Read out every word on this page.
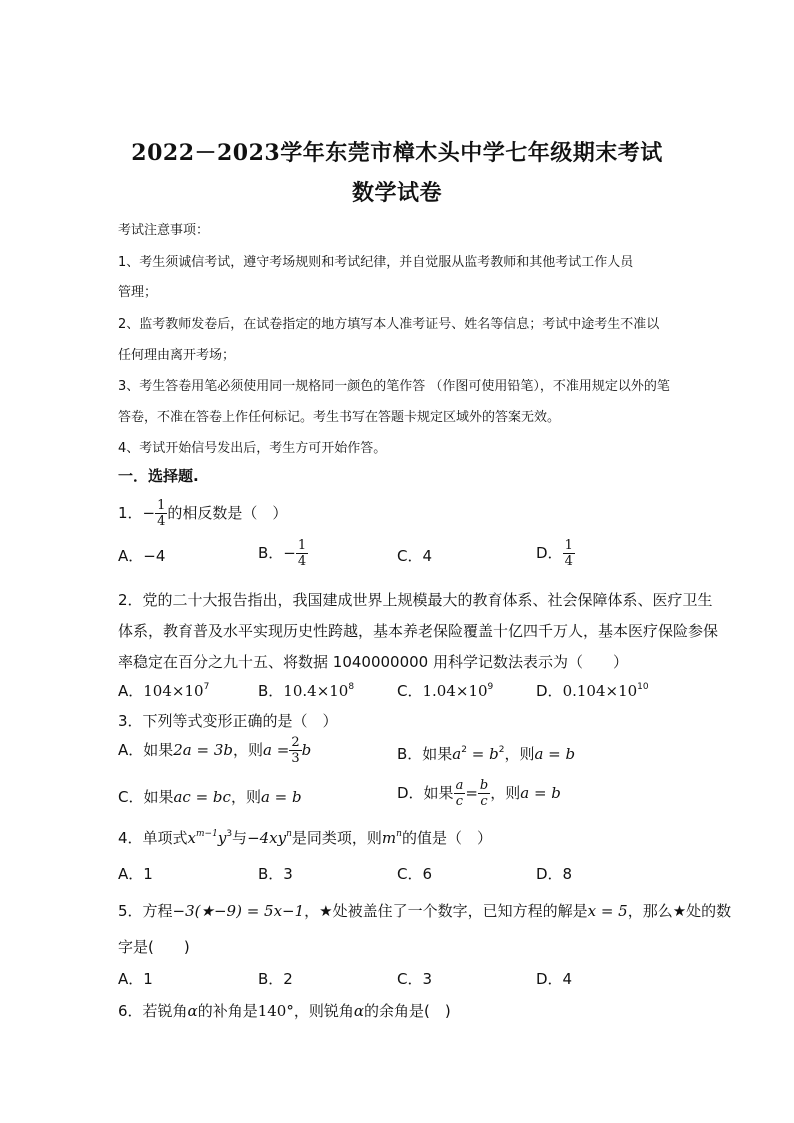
2022－2023学年东莞市樟木头中学七年级期末考试
数学试卷
考试注意事项：
1、考生须诚信考试，遵守考场规则和考试纪律，并自觉服从监考教师和其他考试工作人员
管理；
2、监考教师发卷后，在试卷指定的地方填写本人准考证号、姓名等信息；考试中途考生不准以
任何理由离开考场；
3、考生答卷用笔必须使用同一规格同一颜色的笔作答 （作图可使用铅笔），不准用规定以外的笔
答卷，不准在答卷上作任何标记。考生书写在答题卡规定区域外的答案无效。
4、考试开始信号发出后，考生方可开始作答。
一．选择题.
1．− $\frac{1}{4}$ 的相反数是（　）
A．−4	B．− $\frac{1}{4}$	C．4	D． $\frac{1}{4}$
2．党的二十大报告指出，我国建成世界上规模最大的教育体系、社会保障体系、医疗卫生
体系，教育普及水平实现历史性跨越，基本养老保险覆盖十亿四千万人，基本医疗保险参保
率稳定在百分之九十五、将数据 1040000000 用科学记数法表示为（　　）
A．$104\times 10^7$	B．$10.4\times 10^8$	C．$1.04\times 10^9$	D．$0.104\times 10^{10}$
3．下列等式变形正确的是（　）
A．如果2a = 3b，则$a = \frac{2}{3}$ b	B．如果$a^2 = b^2$，则a = b
C．如果ac = bc，则a = b	D．如果 $\frac{a}{c} = \frac{b}{c}$ ，则a = b
4．单项式$x^{m-1}y^3$与$-4xy^n$是同类项，则$m^n$的值是（　）
A．1	B．3	C．6	D．8
5．方程−3(★−9) = 5x−1，★处被盖住了一个数字，已知方程的解是x = 5，那么★处的数
字是(　　)
A．1	B．2	C．3	D．4
6．若锐角α的补角是140°，则锐角α的余角是(　)
